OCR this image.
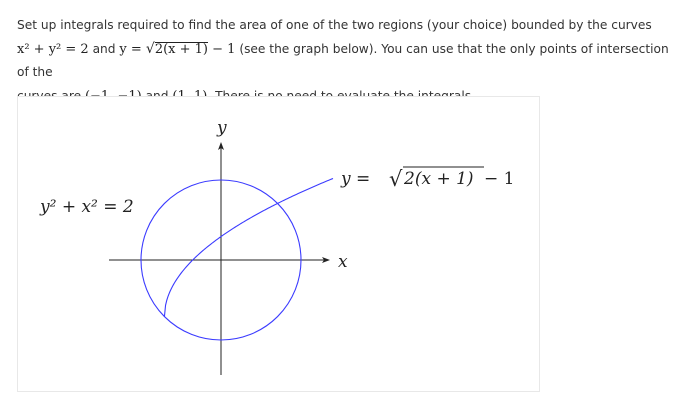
Set up integrals required to find the area of one of the two regions (your choice) bounded by the curves

x² + y² = 2 and y = √2(x + 1) − 1 (see the graph below). You can use that the only points of intersection of the

y
x
y² + x² = 2
y = √ 2(x + 1) − 1
